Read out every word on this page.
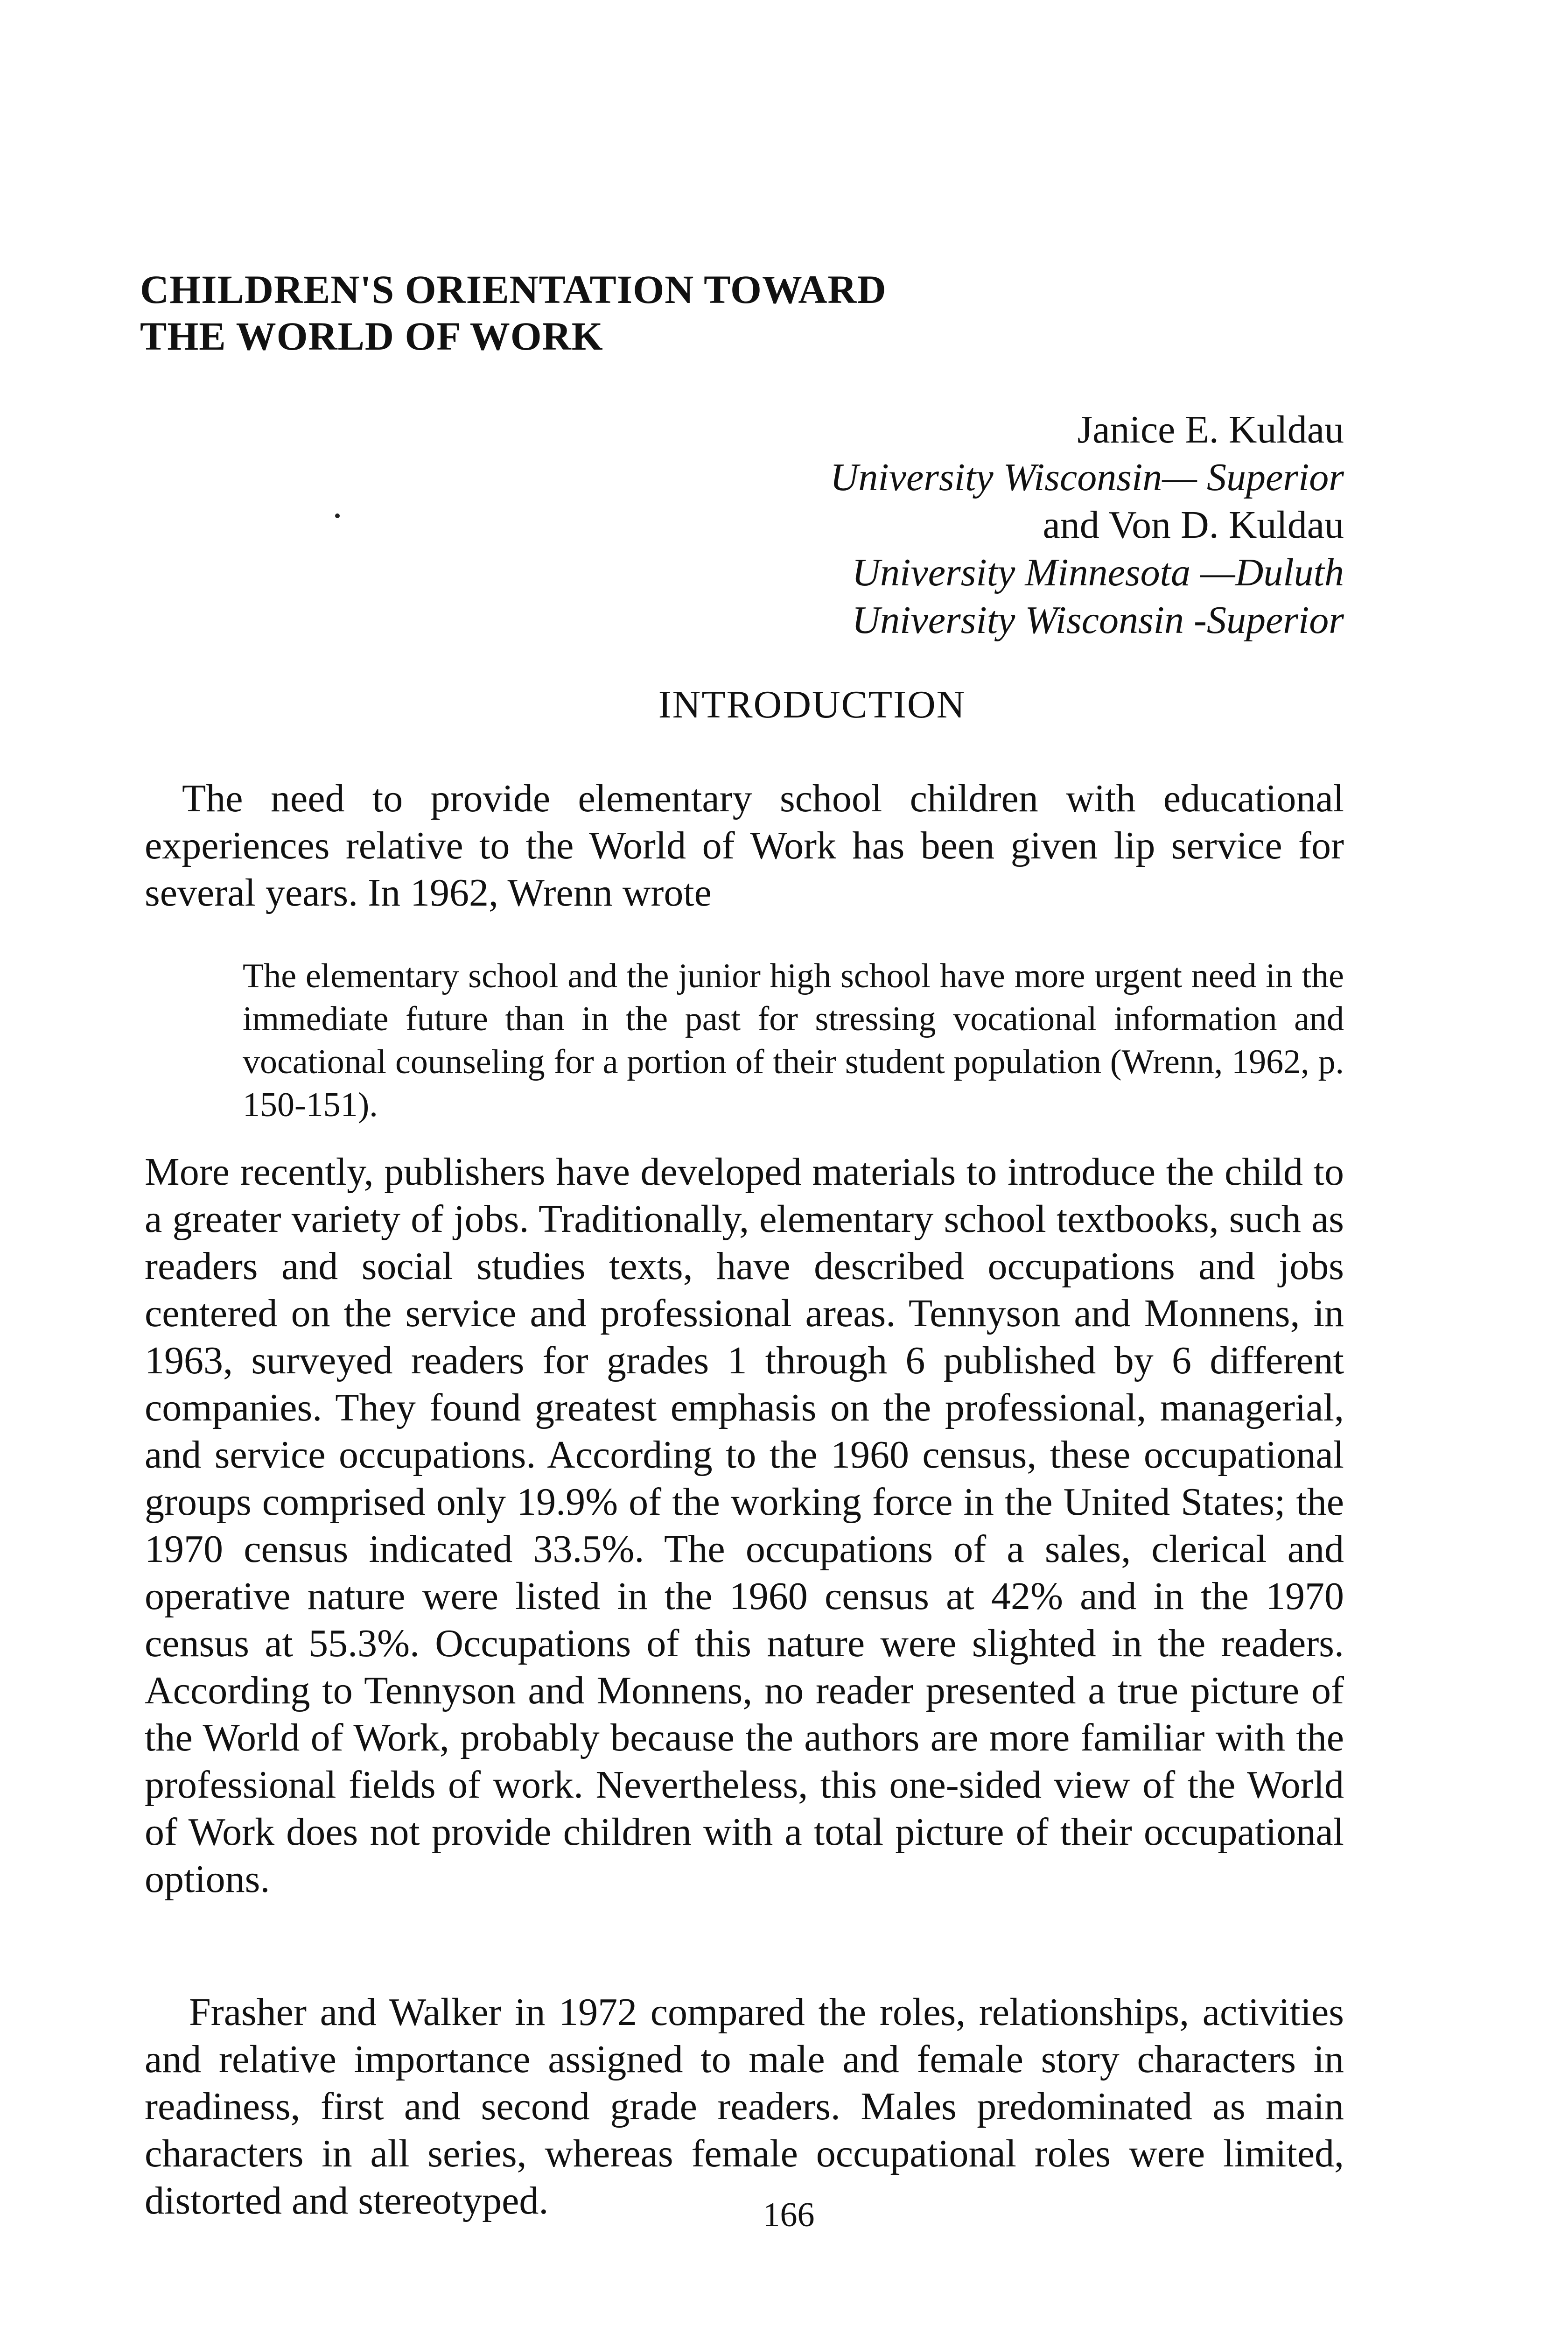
CHILDREN'S ORIENTATION TOWARD
THE WORLD OF WORK
Janice E. Kuldau
University Wisconsin— Superior
and Von D. Kuldau
University Minnesota —Duluth
University Wisconsin -Superior
INTRODUCTION

The need to provide elementary school children with educational experiences relative to the World of Work has been given lip service for several years. In 1962, Wrenn wrote

The elementary school and the junior high school have more urgent need in the immediate future than in the past for stressing vocational information and vocational counseling for a portion of their student population (Wrenn, 1962, p. 150-151).

More recently, publishers have developed materials to introduce the child to a greater variety of jobs. Traditionally, elementary school textbooks, such as readers and social studies texts, have described occupations and jobs centered on the service and professional areas. Tennyson and Monnens, in 1963, surveyed readers for grades 1 through 6 published by 6 different companies. They found greatest emphasis on the professional, managerial, and service occupations. According to the 1960 census, these occupational groups comprised only 19.9% of the working force in the United States; the 1970 census indicated 33.5%. The occupations of a sales, clerical and operative nature were listed in the 1960 census at 42% and in the 1970 census at 55.3%. Occupations of this nature were slighted in the readers. According to Tennyson and Monnens, no reader presented a true picture of the World of Work, probably because the authors are more familiar with the professional fields of work. Nevertheless, this one-sided view of the World of Work does not provide children with a total picture of their occupational options.

Frasher and Walker in 1972 compared the roles, relationships, activities and relative importance assigned to male and female story characters in readiness, first and second grade readers. Males predominated as main characters in all series, whereas female occupational roles were limited, distorted and stereotyped.	166
